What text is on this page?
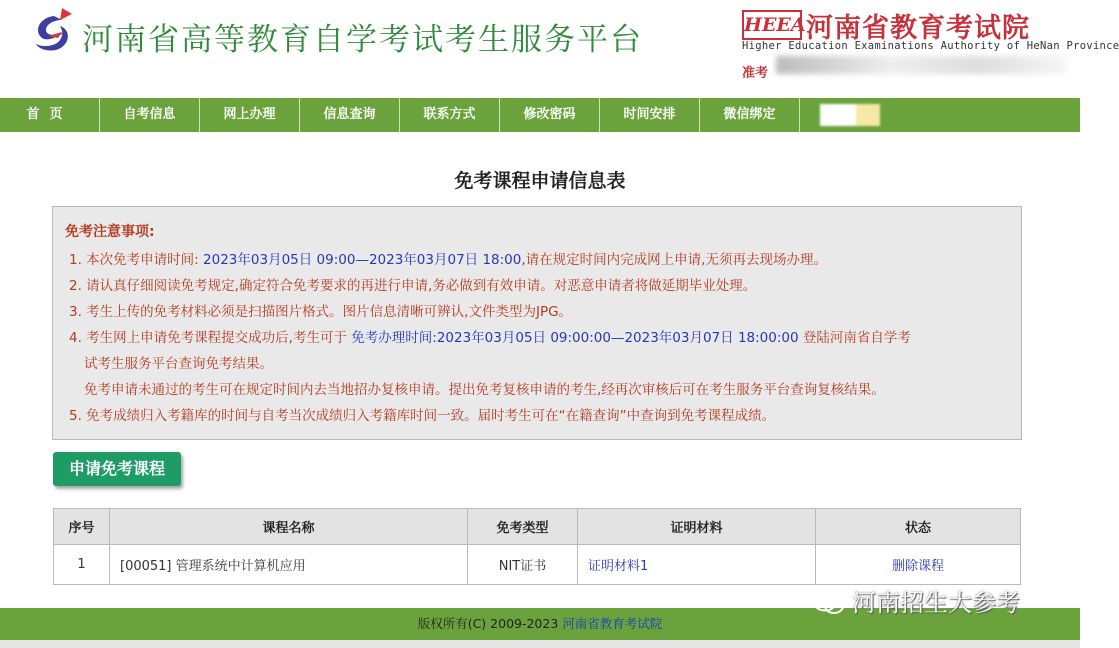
河南省高等教育自学考试考生服务平台	HEEA 河南省教育考试院
Higher Education Examinations Authority of HeNan Province
准考
首页	自考信息	网上办理	信息查询	联系方式	修改密码	时间安排	微信绑定
免考课程申请信息表
免考注意事项:
1. 本次免考申请时间: 2023年03月05日 09:00—2023年03月07日 18:00,请在规定时间内完成网上申请,无须再去现场办理。
2. 请认真仔细阅读免考规定,确定符合免考要求的再进行申请,务必做到有效申请。对恶意申请者将做延期毕业处理。
3. 考生上传的免考材料必须是扫描图片格式。图片信息清晰可辨认,文件类型为JPG。
4. 考生网上申请免考课程提交成功后,考生可于 免考办理时间:2023年03月05日 09:00:00—2023年03月07日 18:00:00 登陆河南省自学考
试考生服务平台查询免考结果。
免考申请未通过的考生可在规定时间内去当地招办复核申请。提出免考复核申请的考生,经再次审核后可在考生服务平台查询复核结果。
5. 免考成绩归入考籍库的时间与自考当次成绩归入考籍库时间一致。届时考生可在“在籍查询”中查询到免考课程成绩。
申请免考课程
序号	课程名称	免考类型	证明材料	状态
1	[00051] 管理系统中计算机应用	NIT证书	证明材料1	删除课程
版权所有(C) 2009-2023 河南省教育考试院
河南招生大参考
